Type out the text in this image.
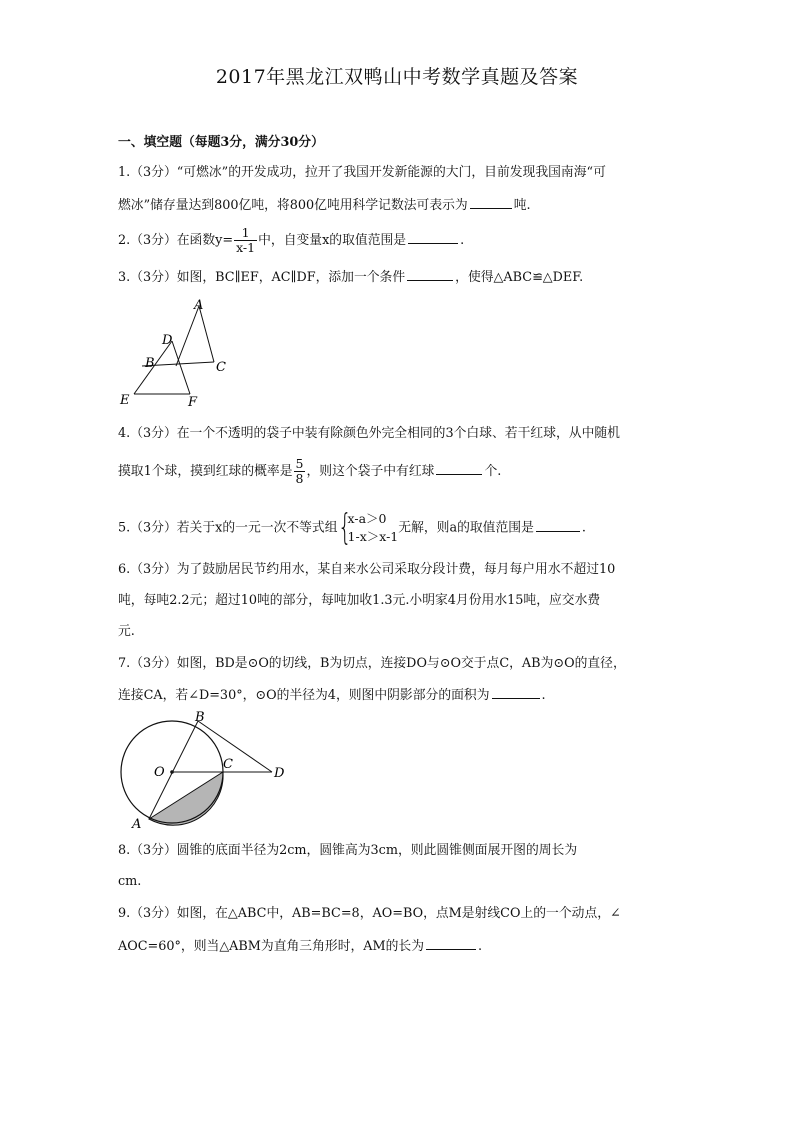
2017年黑龙江双鸭山中考数学真题及答案
一、填空题（每题3分，满分30分）
1.（3分）“可燃冰”的开发成功，拉开了我国开发新能源的大门，目前发现我国南海“可
燃冰”储存量达到800亿吨，将800亿吨用科学记数法可表示为	吨.
2.（3分）在函数$y= \frac{1}{x-1}$ 中，自变量x的取值范围是	.
3.（3分）如图，BC∥EF，AC∥DF，添加一个条件	，使得△ABC≌△DEF.
A
D
B	C
E	F
4.（3分）在一个不透明的袋子中装有除颜色外完全相同的3个白球、若干红球，从中随机
摸取1个球，摸到红球的概率是 $\frac{5}{8}$ ，则这个袋子中有红球	个.
5.（3分）若关于x的一元一次不等式组 {
x-a＞0
1-x＞x-1
无解，则a的取值范围是	.
6.（3分）为了鼓励居民节约用水，某自来水公司采取分段计费，每月每户用水不超过10
吨，每吨2.2元；超过10吨的部分，每吨加收1.3元.小明家4月份用水15吨，应交水费
元.
7.（3分）如图，BD是⊙O的切线，B为切点，连接DO与⊙O交于点C，AB为⊙O的直径，
连接CA，若∠D=30°，⊙O的半径为4，则图中阴影部分的面积为	.
B
O
C
D
A
8.（3分）圆锥的底面半径为2cm，圆锥高为3cm，则此圆锥侧面展开图的周长为
cm.
9.（3分）如图，在△ABC中，AB=BC=8，AO=BO，点M是射线CO上的一个动点，∠
AOC=60°，则当△ABM为直角三角形时，AM的长为	.
